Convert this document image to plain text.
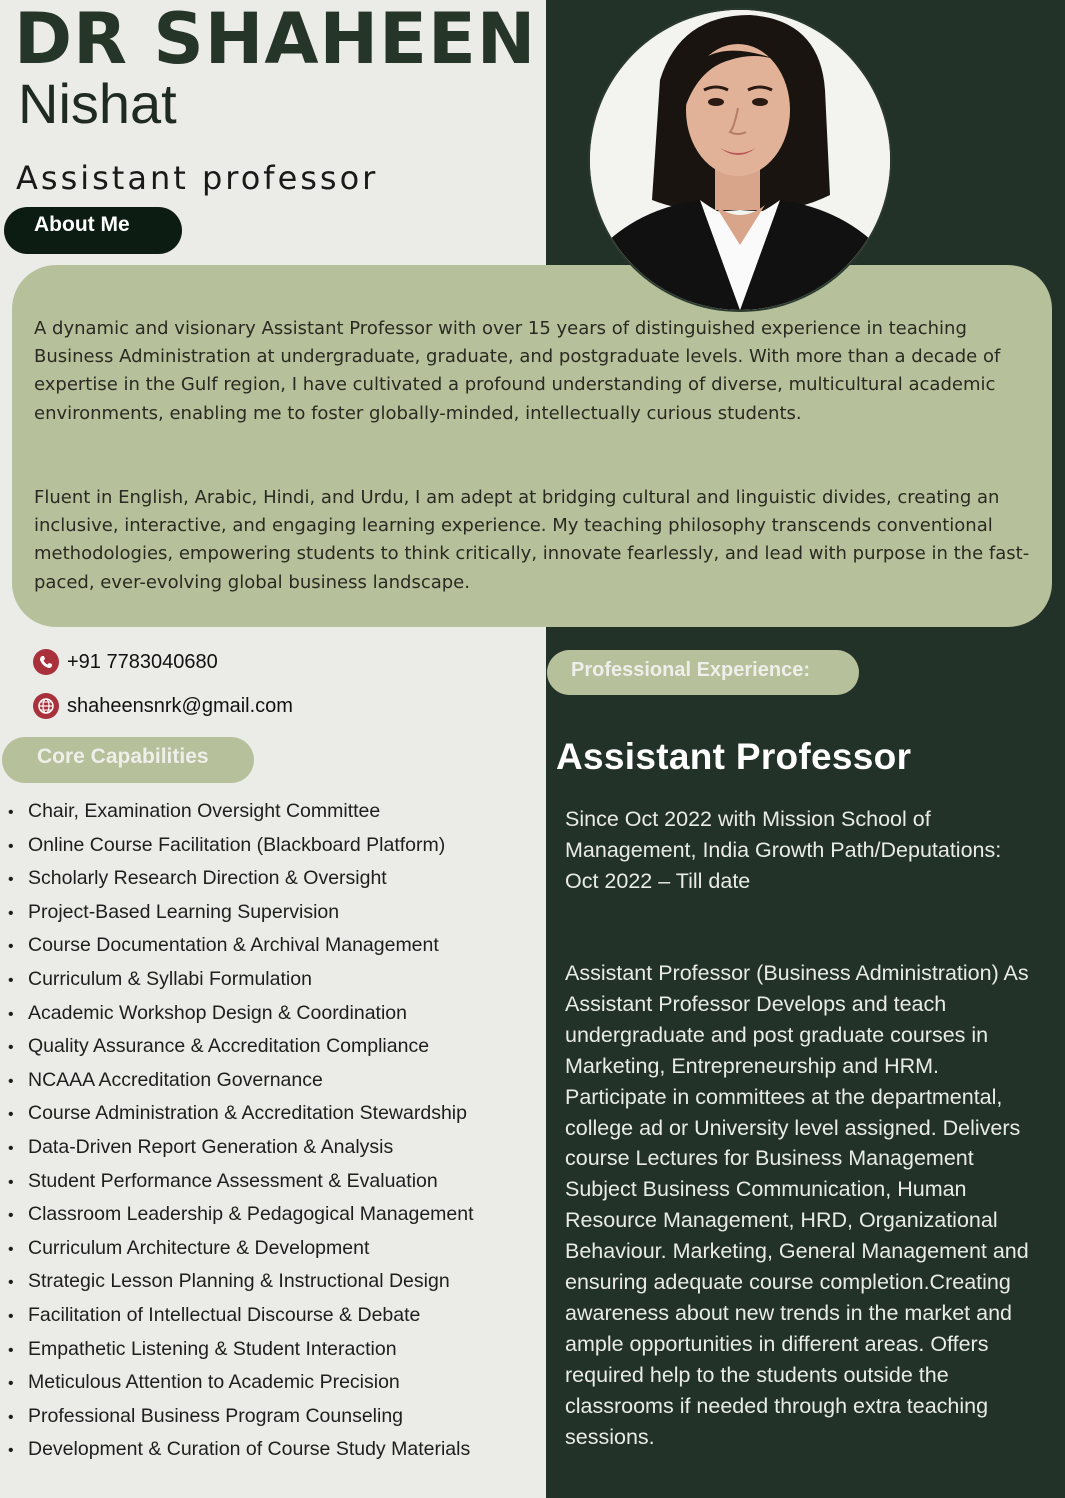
DR SHAHEEN
Nishat
Assistant professor
About Me

A dynamic and visionary Assistant Professor with over 15 years of distinguished experience in teaching Business Administration at undergraduate, graduate, and postgraduate levels. With more than a decade of expertise in the Gulf region, I have cultivated a profound understanding of diverse, multicultural academic environments, enabling me to foster globally-minded, intellectually curious students.

Fluent in English, Arabic, Hindi, and Urdu, I am adept at bridging cultural and linguistic divides, creating an inclusive, interactive, and engaging learning experience. My teaching philosophy transcends conventional methodologies, empowering students to think critically, innovate fearlessly, and lead with purpose in the fast-paced, ever-evolving global business landscape.

+91 7783040680
shaheensnrk@gmail.com
Core Capabilities
• Chair, Examination Oversight Committee
• Online Course Facilitation (Blackboard Platform)
• Scholarly Research Direction & Oversight
• Project-Based Learning Supervision
• Course Documentation & Archival Management
• Curriculum & Syllabi Formulation
• Academic Workshop Design & Coordination
• Quality Assurance & Accreditation Compliance
• NCAAA Accreditation Governance
• Course Administration & Accreditation Stewardship
• Data-Driven Report Generation & Analysis
• Student Performance Assessment & Evaluation
• Classroom Leadership & Pedagogical Management
• Curriculum Architecture & Development
• Strategic Lesson Planning & Instructional Design
• Facilitation of Intellectual Discourse & Debate
• Empathetic Listening & Student Interaction
• Meticulous Attention to Academic Precision
• Professional Business Program Counseling
• Development & Curation of Course Study Materials
Professional Experience:
Assistant Professor

Since Oct 2022 with Mission School of Management, India Growth Path/Deputations: Oct 2022 – Till date

Assistant Professor (Business Administration) As Assistant Professor Develops and teach undergraduate and post graduate courses in Marketing, Entrepreneurship and HRM. Participate in committees at the departmental, college ad or University level assigned. Delivers course Lectures for Business Management Subject Business Communication, Human Resource Management, HRD, Organizational Behaviour. Marketing, General Management and ensuring adequate course completion.Creating awareness about new trends in the market and ample opportunities in different areas. Offers required help to the students outside the classrooms if needed through extra teaching sessions.
